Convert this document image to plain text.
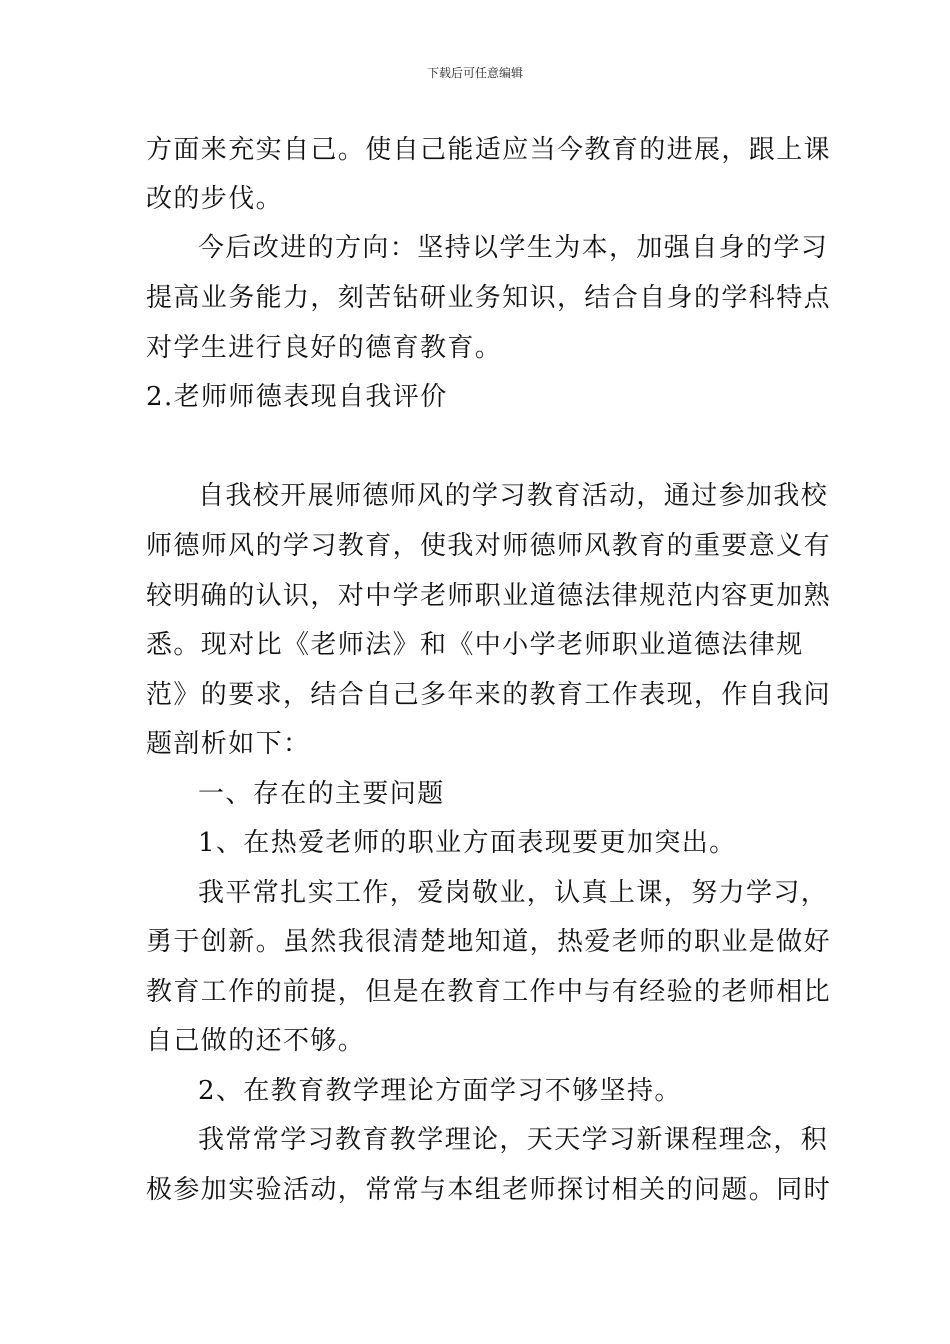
下载后可任意编辑
方面来充实自己。使自己能适应当今教育的进展，跟上课
改的步伐。
今后改进的方向：坚持以学生为本，加强自身的学习
提高业务能力，刻苦钻研业务知识，结合自身的学科特点
对学生进行良好的德育教育。
2.老师师德表现自我评价
自我校开展师德师风的学习教育活动，通过参加我校
师德师风的学习教育，使我对师德师风教育的重要意义有
较明确的认识，对中学老师职业道德法律规范内容更加熟
悉。现对比《老师法》和《中小学老师职业道德法律规
范》的要求，结合自己多年来的教育工作表现，作自我问
题剖析如下：
一、存在的主要问题
1、在热爱老师的职业方面表现要更加突出。
我平常扎实工作，爱岗敬业，认真上课，努力学习，
勇于创新。虽然我很清楚地知道，热爱老师的职业是做好
教育工作的前提，但是在教育工作中与有经验的老师相比
自己做的还不够。
2、在教育教学理论方面学习不够坚持。
我常常学习教育教学理论，天天学习新课程理念，积
极参加实验活动，常常与本组老师探讨相关的问题。同时
